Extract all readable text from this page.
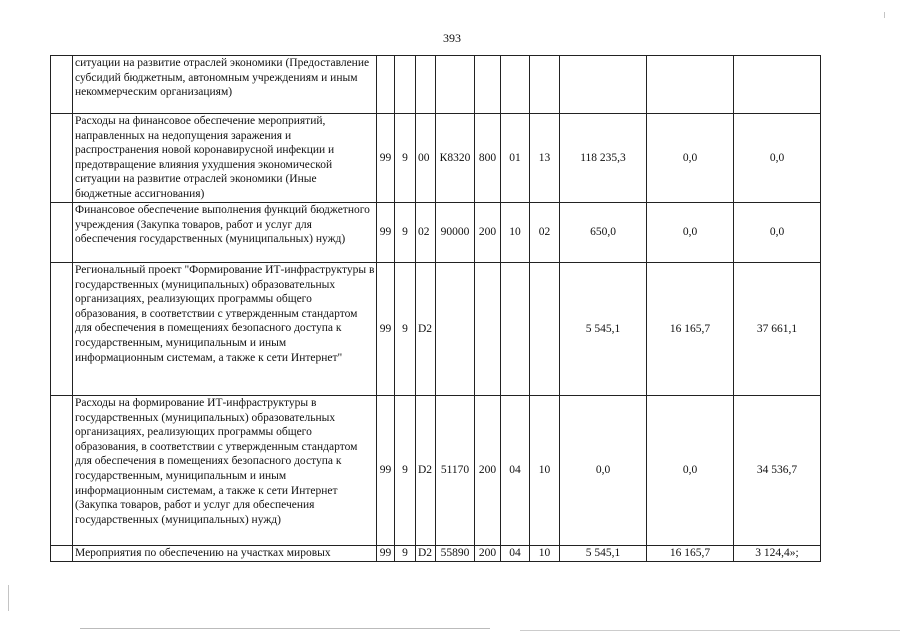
393
	ситуации на развитие отраслей экономики (Предоставление субсидий бюджетным, автономным учреждениям и иным некоммерческим организациям)										
	Расходы на финансовое обеспечение мероприятий, направленных на недопущения заражения и распространения новой коронавирусной инфекции и предотвращение влияния ухудшения экономической ситуации на развитие отраслей экономики (Иные бюджетные ассигнования)	99	9	00	К8320	800	01	13	118 235,3	0,0	0,0
	Финансовое обеспечение выполнения функций бюджетного учреждения (Закупка товаров, работ и услуг для обеспечения государственных (муниципальных) нужд)	99	9	02	90000	200	10	02	650,0	0,0	0,0
	Региональный проект "Формирование ИТ-инфраструктуры в государственных (муниципальных) образовательных организациях, реализующих программы общего образования, в соответствии с утвержденным стандартом для обеспечения в помещениях безопасного доступа к государственным, муниципальным и иным информационным системам, а также к сети Интернет"	99	9	D2					5 545,1	16 165,7	37 661,1
	Расходы на формирование ИТ-инфраструктуры в государственных (муниципальных) образовательных организациях, реализующих программы общего образования, в соответствии с утвержденным стандартом для обеспечения в помещениях безопасного доступа к государственным, муниципальным и иным информационным системам, а также к сети Интернет (Закупка товаров, работ и услуг для обеспечения государственных (муниципальных) нужд)	99	9	D2	51170	200	04	10	0,0	0,0	34 536,7
	Мероприятия по обеспечению на участках мировых	99	9	D2	55890	200	04	10	5 545,1	16 165,7	3 124,4»;
